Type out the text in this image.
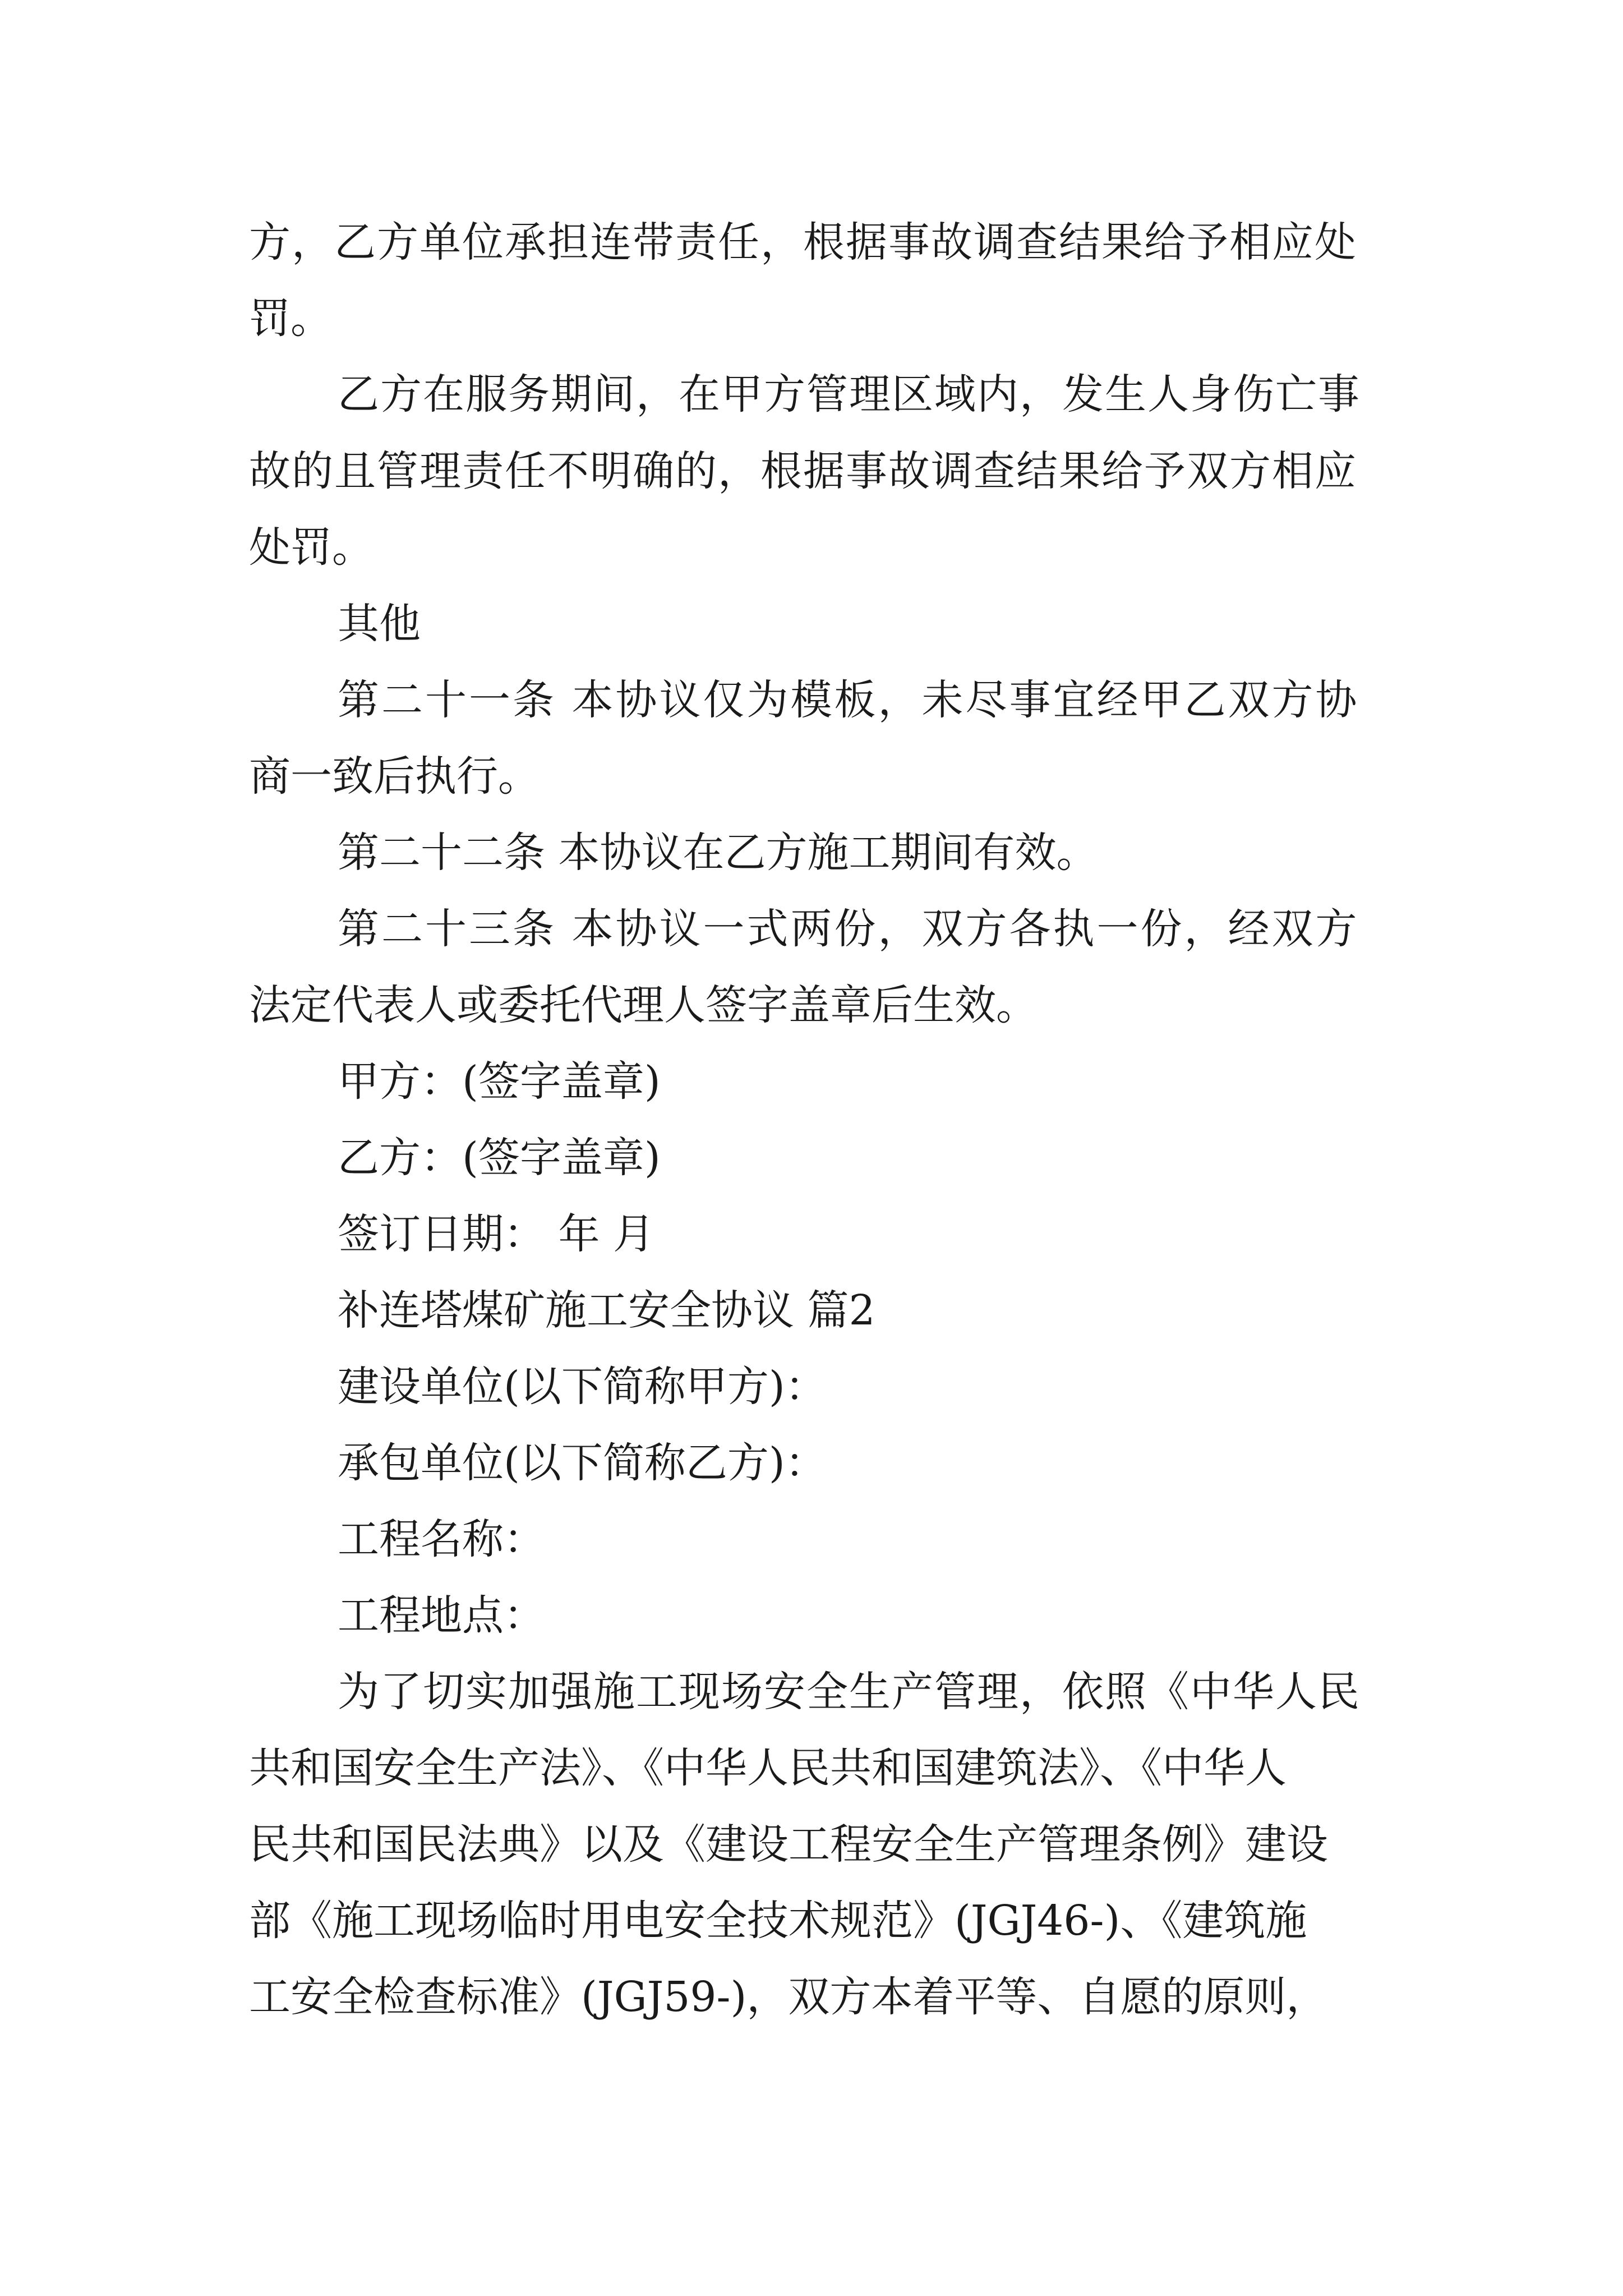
方，乙方单位承担连带责任，根据事故调查结果给予相应处

罚。

乙方在服务期间，在甲方管理区域内，发生人身伤亡事

故的且管理责任不明确的，根据事故调查结果给予双方相应

处罚。

其他

第二十一条 本协议仅为模板，未尽事宜经甲乙双方协

商一致后执行。

第二十二条 本协议在乙方施工期间有效。

第二十三条 本协议一式两份，双方各执一份，经双方

法定代表人或委托代理人签字盖章后生效。

甲方：(签字盖章)

乙方：(签字盖章)

签订日期： 年 月

补连塔煤矿施工安全协议 篇2

建设单位(以下简称甲方)：

承包单位(以下简称乙方)：

工程名称：

工程地点：

为了切实加强施工现场安全生产管理，依照《中华人民

共和国安全生产法》、《中华人民共和国建筑法》、《中华人

民共和国民法典》以及《建设工程安全生产管理条例》建设

部《施工现场临时用电安全技术规范》(JGJ46-)、《建筑施

工安全检查标准》(JGJ59-)，双方本着平等、自愿的原则，
